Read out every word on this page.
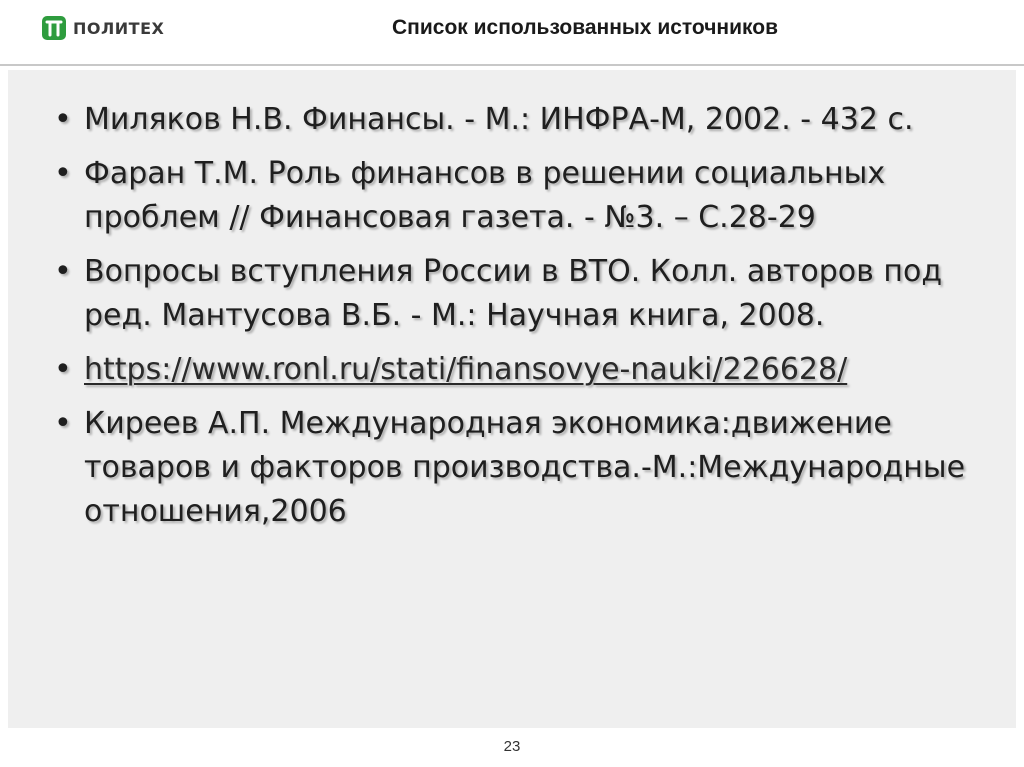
ПОЛИТЕХ	Список использованных источников
• Миляков Н.В. Финансы. - М.: ИНФРА-М, 2002. - 432 с.
• Фаран Т.М. Роль финансов в решении социальных проблем // Финансовая газета. - №3. – С.28-29
• Вопросы вступления России в ВТО. Колл. авторов под ред. Мантусова В.Б. - М.: Научная книга, 2008.
• https://www.ronl.ru/stati/finansovye-nauki/226628/
• Киреев А.П. Международная экономика:движение товаров и факторов производства.-М.:Международные отношения,2006
23
